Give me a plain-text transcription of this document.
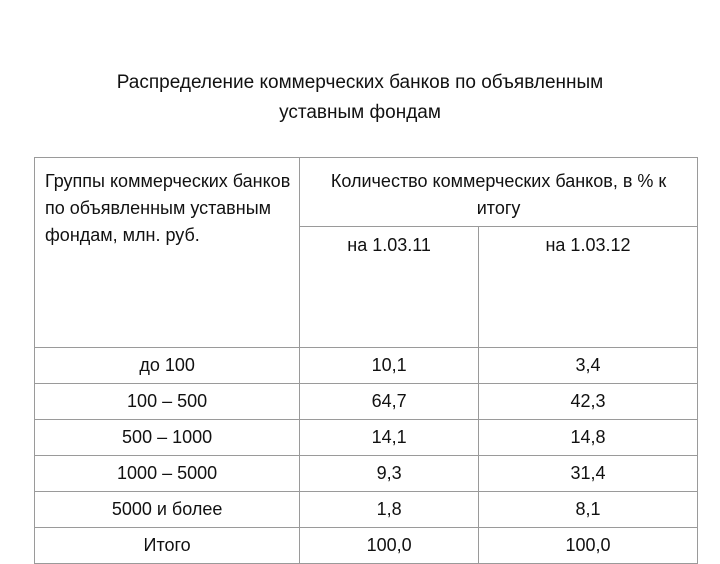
Распределение коммерческих банков по объявленным
уставным фондам
Группы коммерческих банков по объявленным уставным фондам, млн. руб.	Количество коммерческих банков, в % к итогу	
	на 1.03.11	на 1.03.12
до 100	10,1	3,4
100 – 500	64,7	42,3
500 – 1000	14,1	14,8
1000 – 5000	9,3	31,4
5000 и более	1,8	8,1
Итого	100,0	100,0
